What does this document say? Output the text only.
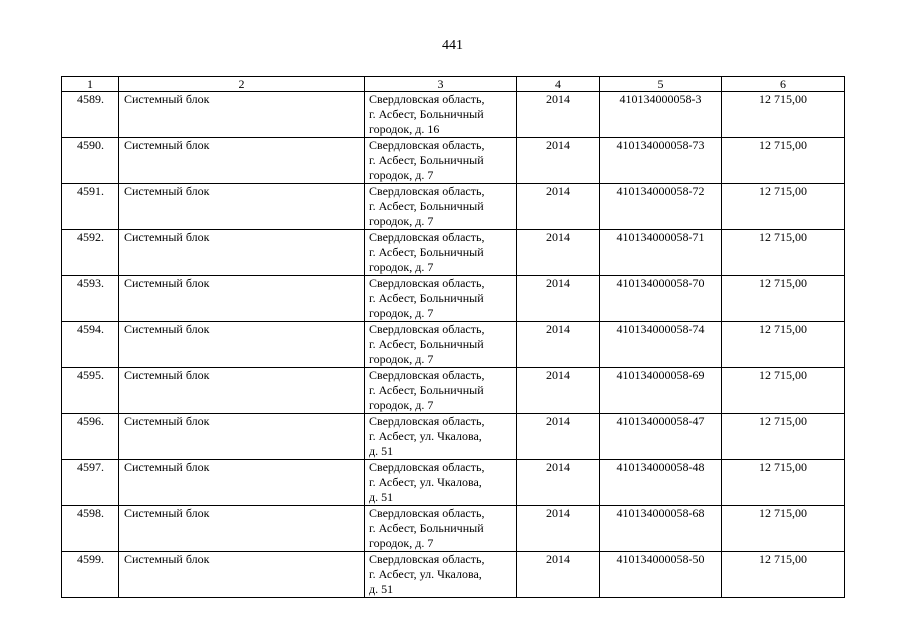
441
1	2	3	4	5	6
4589.	Системный блок	Свердловская область,
г. Асбест, Больничный
городок, д. 16	2014	410134000058-3	12 715,00
4590.	Системный блок	Свердловская область,
г. Асбест, Больничный
городок, д. 7	2014	410134000058-73	12 715,00
4591.	Системный блок	Свердловская область,
г. Асбест, Больничный
городок, д. 7	2014	410134000058-72	12 715,00
4592.	Системный блок	Свердловская область,
г. Асбест, Больничный
городок, д. 7	2014	410134000058-71	12 715,00
4593.	Системный блок	Свердловская область,
г. Асбест, Больничный
городок, д. 7	2014	410134000058-70	12 715,00
4594.	Системный блок	Свердловская область,
г. Асбест, Больничный
городок, д. 7	2014	410134000058-74	12 715,00
4595.	Системный блок	Свердловская область,
г. Асбест, Больничный
городок, д. 7	2014	410134000058-69	12 715,00
4596.	Системный блок	Свердловская область,
г. Асбест, ул. Чкалова,
д. 51	2014	410134000058-47	12 715,00
4597.	Системный блок	Свердловская область,
г. Асбест, ул. Чкалова,
д. 51	2014	410134000058-48	12 715,00
4598.	Системный блок	Свердловская область,
г. Асбест, Больничный
городок, д. 7	2014	410134000058-68	12 715,00
4599.	Системный блок	Свердловская область,
г. Асбест, ул. Чкалова,
д. 51	2014	410134000058-50	12 715,00
